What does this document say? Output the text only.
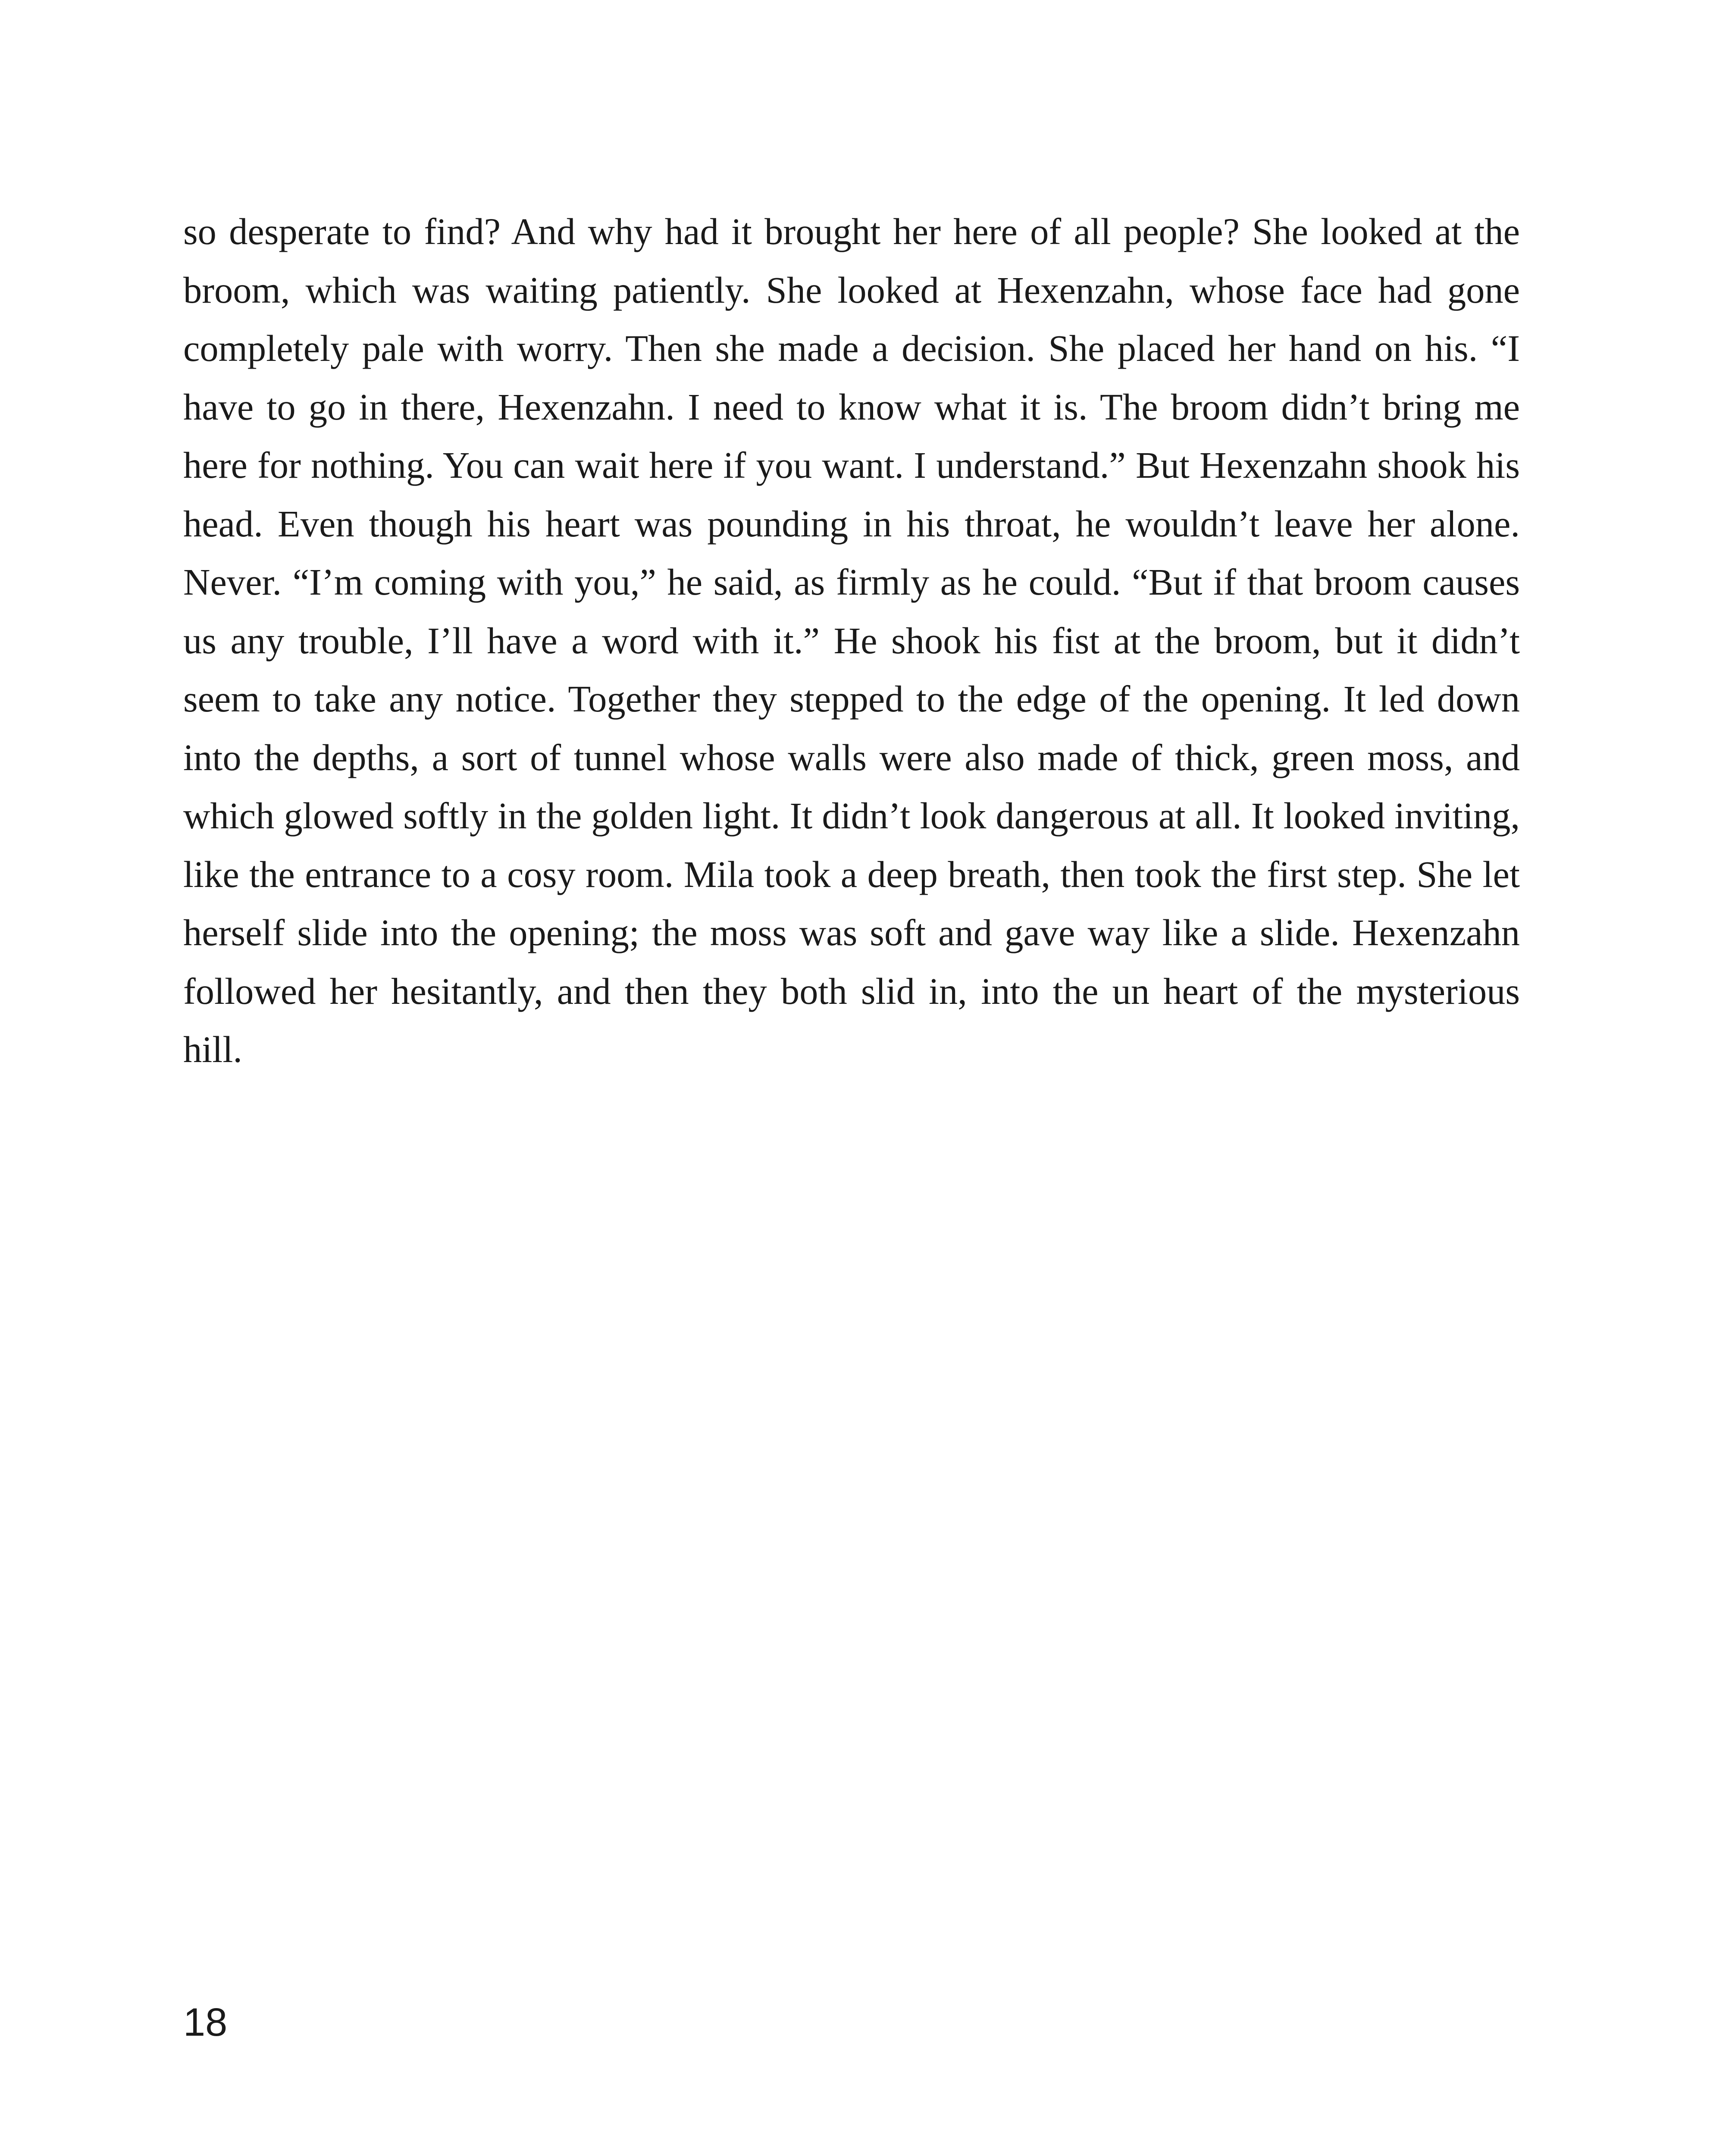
so desperate to find? And why had it brought her here of all people? She looked at the broom, which was waiting patiently. She looked at Hexenzahn, whose face had gone completely pale with worry. Then she made a decision. She placed her hand on his. “I have to go in there, Hexenzahn. I need to know what it is. The broom didn’t bring me here for nothing. You can wait here if you want. I understand.” But Hexenzahn shook his head. Even though his heart was pounding in his throat, he wouldn’t leave her alone. Never. “I’m coming with you,” he said, as firmly as he could. “But if that broom causes us any trouble, I’ll have a word with it.” He shook his fist at the broom, but it didn’t seem to take any notice. Together they stepped to the edge of the opening. It led down into the depths, a sort of tunnel whose walls were also made of thick, green moss, and which glowed softly in the golden light. It didn’t look dangerous at all. It looked inviting, like the entrance to a cosy room. Mila took a deep breath, then took the first step. She let herself slide into the opening; the moss was soft and gave way like a slide. Hexenzahn followed her hesitantly, and then they both slid in, into the un heart of the mysterious hill.

18
